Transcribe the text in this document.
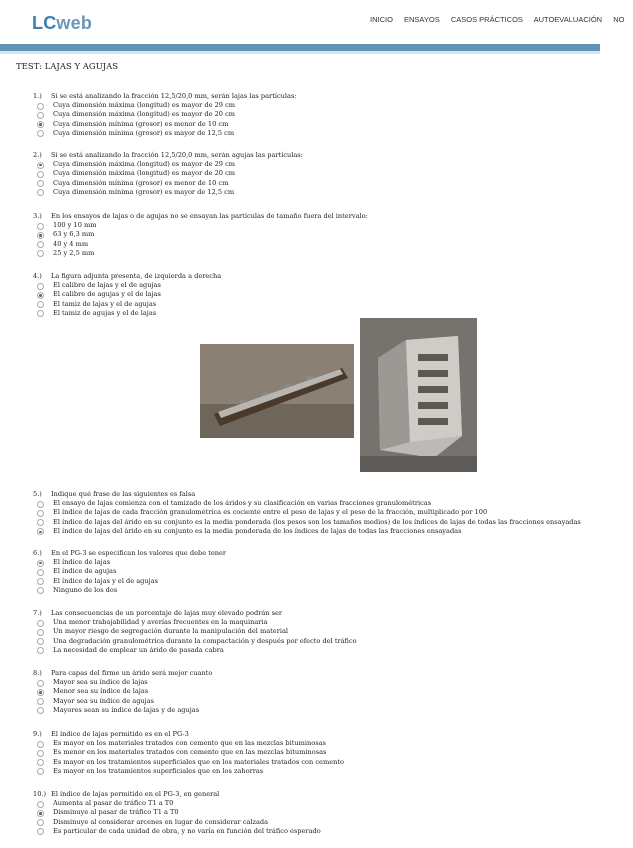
LCweb	INICIO ENSAYOS CASOS PRÁCTICOS AUTOEVALUACIÓN NO
TEST: LAJAS Y AGUJAS
1.) Si se está analizando la fracción 12,5/20,0 mm, serán lajas las partículas:
Cuya dimensión máxima (longitud) es mayor de 29 cm
Cuya dimensión máxima (longitud) es mayor de 20 cm
Cuya dimensión mínima (grosor) es menor de 10 cm
Cuya dimensión mínima (grosor) es mayor de 12,5 cm
2.) Si se está analizando la fracción 12,5/20,0 mm, serán agujas las partículas:
Cuya dimensión máxima (longitud) es mayor de 29 cm
Cuya dimensión máxima (longitud) es mayor de 20 cm
Cuya dimensión mínima (grosor) es menor de 10 cm
Cuya dimensión mínima (grosor) es mayor de 12,5 cm
3.) En los ensayos de lajas o de agujas no se ensayan las partículas de tamaño fuera del intervalo:
100 y 10 mm
63 y 6,3 mm
40 y 4 mm
25 y 2,5 mm
4.) La figura adjunta presenta, de izquierda a derecha
El calibre de lajas y el de agujas
El calibre de agujas y el de lajas
El tamiz de lajas y el de agujas
El tamiz de agujas y el de lajas
5.) Indique qué frase de las siguientes es falsa
El ensayo de lajas comienza con el tamizado de los áridos y su clasificación en varias fracciones granulométricas
El índice de lajas de cada fracción granulométrica es cociente entre el peso de lajas y el peso de la fracción, multiplicado por 100
El índice de lajas del árido en su conjunto es la media ponderada (los pesos son los tamaños medios) de los índices de lajas de todas las fracciones ensayadas
El índice de lajas del árido en su conjunto es la media ponderada de los índices de lajas de todas las fracciones ensayadas
6.) En el PG-3 se especifican los valores que debe tener
El índice de lajas
El índice de agujas
El índice de lajas y el de agujas
Ninguno de los dos
7.) Las consecuencias de un porcentaje de lajas muy elevado podrán ser
Una menor trabajabilidad y averías frecuentes en la maquinaria
Un mayor riesgo de segregación durante la manipulación del material
Una degradación granulométrica durante la compactación y después por efecto del tráfico
La necesidad de emplear un árido de pasada cabra
8.) Para capas del firme un árido será mejor cuanto
Mayor sea su índice de lajas
Menor sea su índice de lajas
Mayor sea su índice de agujas
Mayores sean su índice de lajas y de agujas
9.) El índice de lajas permitido es en el PG-3
Es mayor en los materiales tratados con cemento que en las mezclas bituminosas
Es menor en los materiales tratados con cemento que en las mezclas bituminosas
Es mayor en los tratamientos superficiales que en los materiales tratados con cemento
Es mayor en los tratamientos superficiales que en los zahorras
10.) El índice de lajas permitido en el PG-3, en general
Aumenta al pasar de tráfico T1 a T0
Disminuye al pasar de tráfico T1 a T0
Disminuye al considerar arcenes en lugar de considerar calzada
Es particular de cada unidad de obra, y no varía en función del tráfico esperado
